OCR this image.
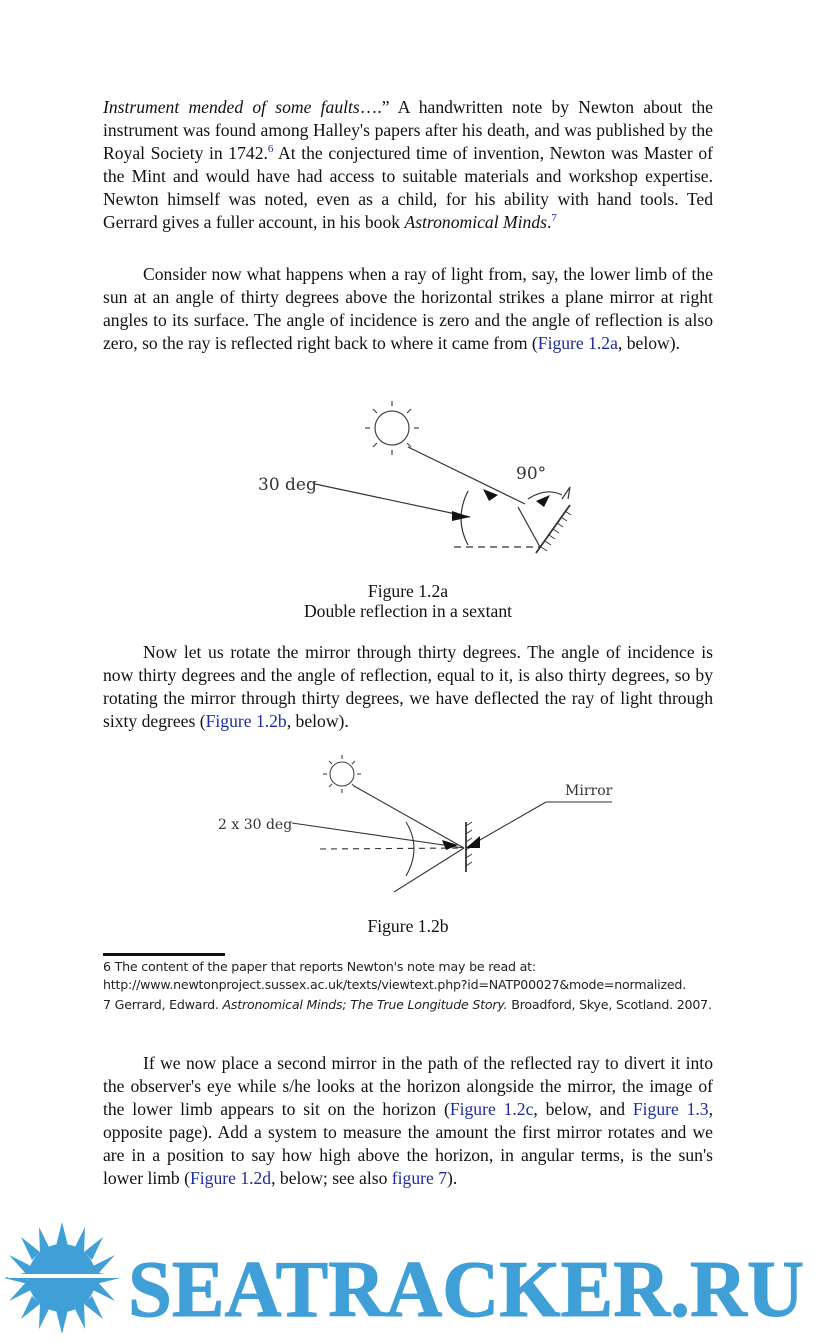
Instrument mended of some faults….” A handwritten note by Newton about the instrument was found among Halley's papers after his death, and was published by the Royal Society in 1742.$^6$ At the conjectured time of invention, Newton was Master of the Mint and would have had access to suitable materials and workshop expertise. Newton himself was noted, even as a child, for his ability with hand tools. Ted Gerrard gives a fuller account, in his book Astronomical Minds.$^7$

Consider now what happens when a ray of light from, say, the lower limb of the sun at an angle of thirty degrees above the horizontal strikes a plane mirror at right angles to its surface. The angle of incidence is zero and the angle of reflection is also zero, so the ray is reflected right back to where it came from (Figure 1.2a, below).

30 deg
90°
Figure 1.2a
Double reflection in a sextant

Now let us rotate the mirror through thirty degrees. The angle of incidence is now thirty degrees and the angle of reflection, equal to it, is also thirty degrees, so by rotating the mirror through thirty degrees, we have deflected the ray of light through sixty degrees (Figure 1.2b, below).

2 x 30 deg
Mirror
Figure 1.2b
6 The content of the paper that reports Newton's note may be read at:
http://www.newtonproject.sussex.ac.uk/texts/viewtext.php?id=NATP00027&mode=normalized.
7 Gerrard, Edward. Astronomical Minds; The True Longitude Story. Broadford, Skye, Scotland. 2007.

If we now place a second mirror in the path of the reflected ray to divert it into the observer's eye while s/he looks at the horizon alongside the mirror, the image of the lower limb appears to sit on the horizon (Figure 1.2c, below, and Figure 1.3, opposite page). Add a system to measure the amount the first mirror rotates and we are in a position to say how high above the horizon, in angular terms, is the sun's lower limb (Figure 1.2d, below; see also figure 7).

SEATRACKER.RU
